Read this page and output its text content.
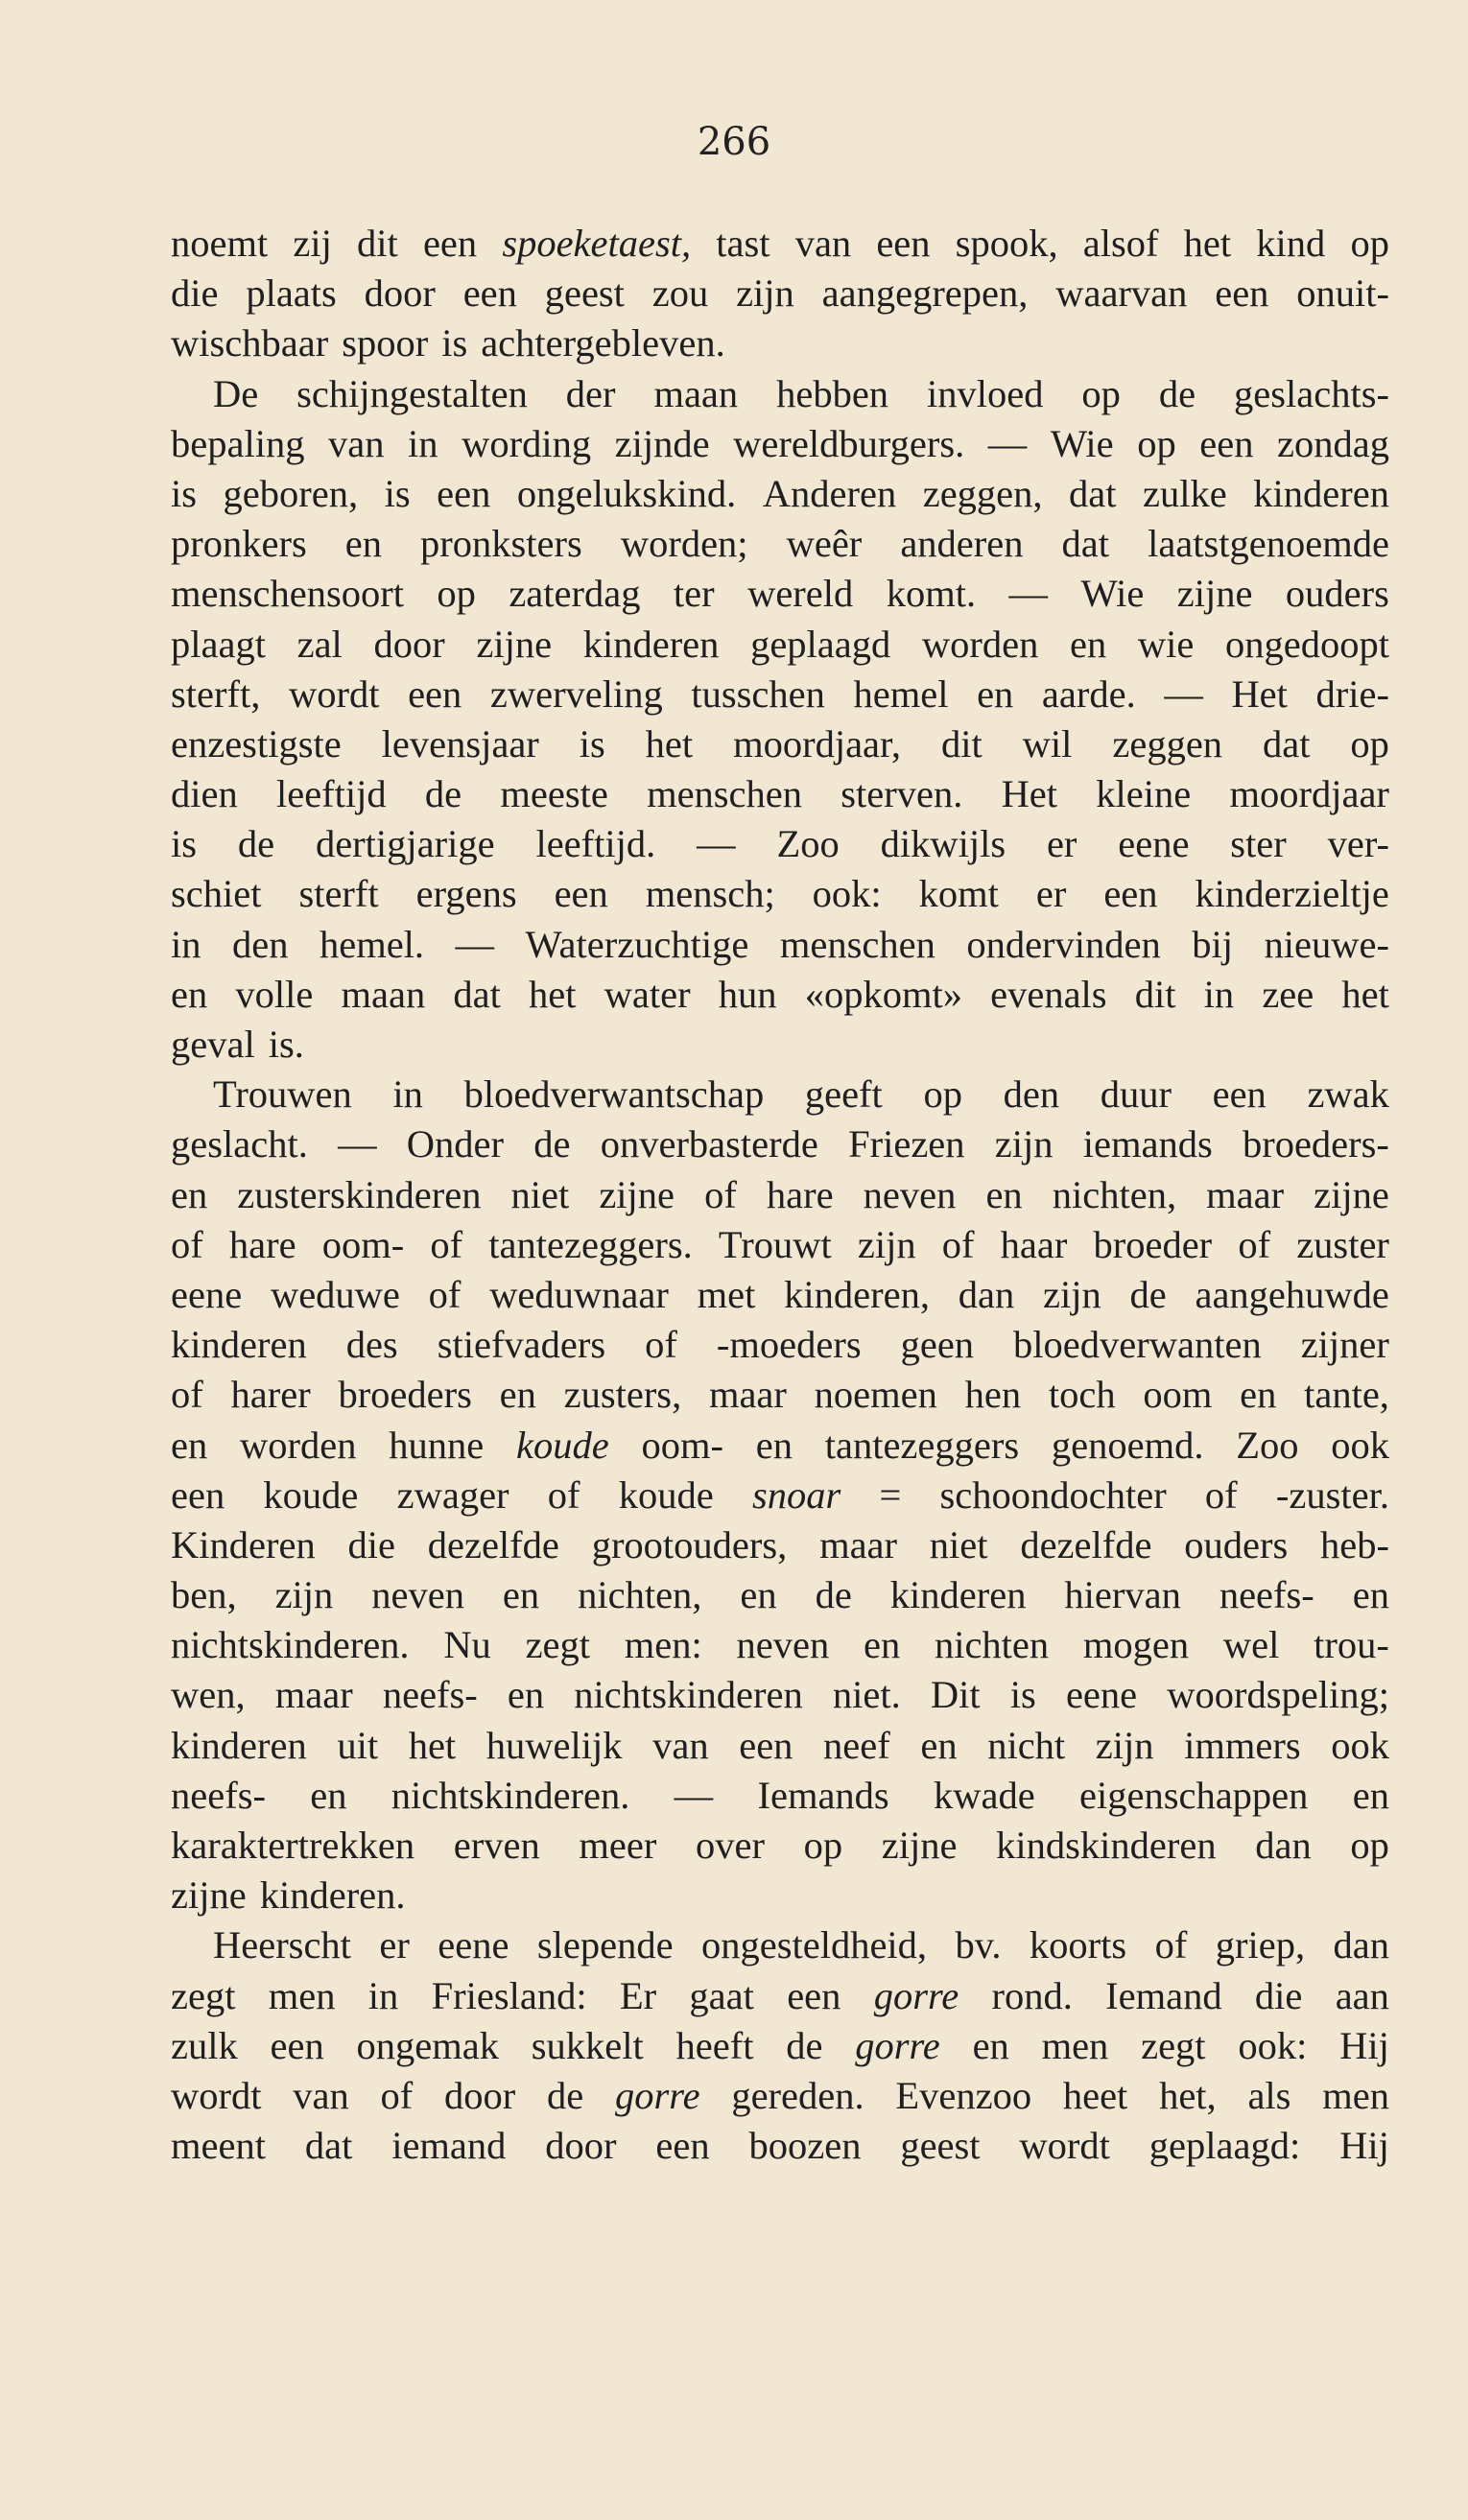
266
noemt zij dit een spoeketaest, tast van een spook, alsof het kind op
die plaats door een geest zou zijn aangegrepen, waarvan een onuit-
wischbaar spoor is achtergebleven.
De schijngestalten der maan hebben invloed op de geslachts-
bepaling van in wording zijnde wereldburgers. — Wie op een zondag
is geboren, is een ongelukskind. Anderen zeggen, dat zulke kinderen
pronkers en pronksters worden; weêr anderen dat laatstgenoemde
menschensoort op zaterdag ter wereld komt. — Wie zijne ouders
plaagt zal door zijne kinderen geplaagd worden en wie ongedoopt
sterft, wordt een zwerveling tusschen hemel en aarde. — Het drie-
enzestigste levensjaar is het moordjaar, dit wil zeggen dat op
dien leeftijd de meeste menschen sterven. Het kleine moordjaar
is de dertigjarige leeftijd. — Zoo dikwijls er eene ster ver-
schiet sterft ergens een mensch; ook: komt er een kinderzieltje
in den hemel. — Waterzuchtige menschen ondervinden bij nieuwe-
en volle maan dat het water hun «opkomt» evenals dit in zee het
geval is.
Trouwen in bloedverwantschap geeft op den duur een zwak
geslacht. — Onder de onverbasterde Friezen zijn iemands broeders-
en zusterskinderen niet zijne of hare neven en nichten, maar zijne
of hare oom- of tantezeggers. Trouwt zijn of haar broeder of zuster
eene weduwe of weduwnaar met kinderen, dan zijn de aangehuwde
kinderen des stiefvaders of -moeders geen bloedverwanten zijner
of harer broeders en zusters, maar noemen hen toch oom en tante,
en worden hunne koude oom- en tantezeggers genoemd. Zoo ook
een koude zwager of koude snoar = schoondochter of -zuster.
Kinderen die dezelfde grootouders, maar niet dezelfde ouders heb-
ben, zijn neven en nichten, en de kinderen hiervan neefs- en
nichtskinderen. Nu zegt men: neven en nichten mogen wel trou-
wen, maar neefs- en nichtskinderen niet. Dit is eene woordspeling;
kinderen uit het huwelijk van een neef en nicht zijn immers ook
neefs- en nichtskinderen. — Iemands kwade eigenschappen en
karaktertrekken erven meer over op zijne kindskinderen dan op
zijne kinderen.
Heerscht er eene slepende ongesteldheid, bv. koorts of griep, dan
zegt men in Friesland: Er gaat een gorre rond. Iemand die aan
zulk een ongemak sukkelt heeft de gorre en men zegt ook: Hij
wordt van of door de gorre gereden. Evenzoo heet het, als men
meent dat iemand door een boozen geest wordt geplaagd: Hij
